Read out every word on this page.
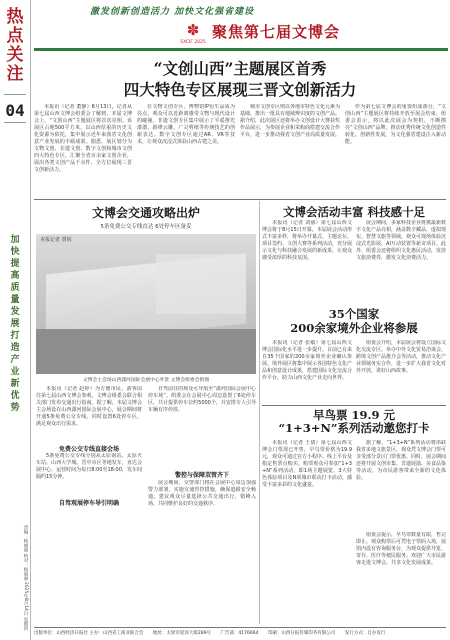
热
点
关
注
04
加
快
提
高
质
量
发
展
打
造
产
业
新
优
势
责编：杨丽丽 校对：杨丽丽 2025年8月14日 星期四
激发创新创造活力 加快文化强省建设
✽
SXCIF 2025
聚焦第七届文博会
“文创山西”主题展区首秀
四大特色专区展现三晋文创新活力

本报讯（记者 董静）8月13日，记者从第七届山西文博会组委会了解到，本届文博会上，“文创山西”主题展区将首次亮相。该展区占地500平方米，以山西厚重的历史文化资源为依托，集中展示近年来我省文化创意产业发展的丰硕成果。据悉，展区划分为文物文创、非遗文创、数字文创和城市文创四大特色专区，汇聚全省百余家文创企业，展出各类文创产品千余件，全方位展现三晋文创新活力。

在文物文创专区，博物馆IP衍生品成为亮点，观众可以近距离感受文物与现代设计的碰撞。非遗文创专区集中展示了平遥推光漆器、新绛云雕、广灵剪纸等传统技艺的创新表达。数字文创专区通过AR、VR等技术，让观众沉浸式体验山西古建之美。

城市文创专区则以各地市特色文化元素为基础，推出一批具有地域辨识度的文创产品。据介绍，此次展区还将举办文创设计大赛获奖作品展示，为参展企业和采购商搭建交流合作平台，进一步推动我省文创产业高质量发展。

作为第七届文博会的重要组成部分，“文创山西”主题展区将持续开放至展会结束。组委会表示，将以此次展会为契机，不断擦亮“文创山西”品牌，推动优秀传统文化创造性转化、创新性发展，为文化强省建设注入新动能。

文博会交通攻略出炉
5条免费公交专线直达 6处停车区备妥
本报记者 贾钊
文博会主会场山西潇河国际会展中心外景 文博会组委会供图

本报讯（记者 赵婷）为方便市民、游客前往第七届山西文博会参观，文博会组委会联合相关部门发布交通出行指南。据了解，本届文博会主会场设在山西潇河国际会展中心，展会期间将开通5条免费公交专线，同时设置6处停车区，满足观众出行需求。

免费公交专线直接会场

5条免费公交专线分别从太原南站、太原火车站、山西大学城、晋中市区等地发车，直达会展中心，运营时间为每日8:00至18:00，发车间隔约15分钟。

自驾观展停车导引明确

自驾前往的观众可导航至“潇河国际会展中心停车场”。组委会在会展中心周边设置了6处停车区，共计提供停车位约5000个，并安排专人引导车辆有序停放。

警控与保障双管齐下

展会期间，交警部门将在会展中心周边加强警力部署，实施交通管控措施，确保道路安全畅通。建议观众尽量选择公共交通出行，错峰入场，共同维护良好的交通秩序。

文博会活动丰富 科技感十足

本报讯（记者 刘丽）第七届山西文博会将于8月15日开幕。本届展会活动形式丰富多样，将举办开幕式、主题论坛、项目签约、文创大赛等系列活动，充分展示文化与科技融合发展的新成果，让观众感受浓厚的科技氛围。

展会期间，多家科技企业将携最新数字文化产品亮相，涵盖数字藏品、虚拟现实、智慧文旅等领域。观众可现场体验沉浸式光影展、AI互动装置等新奇项目。此外，组委会还将组织文化惠民活动，发放文旅消费券，激发文化消费活力。

35个国家
200余家境外企业将参展

本报讯（记者 张敏）第七届山西文博会国际化水平进一步提升，目前已有来自35个国家的200余家境外企业确认参展。境外展区将集中展示各国特色文化产品和创意设计成果，搭建国际文化交流合作平台，助力山西文化产业走向世界。

组委会介绍，本届展会将设立国际文化交流专区，举办中外文化贸易洽谈会、跨境文创产品推介会等活动，推动文化产业领域务实合作，进一步扩大我省文化对外开放，讲好山西故事。

早鸟票 19.9 元
“1+3+N”系列活动邀您打卡

本报讯（记者 王倩）第七届山西文博会门票现已开售，早鸟票价格为19.9元，观众可通过官方小程序、线上平台及指定售票点购买。购票观众可参加“1+3+N”系列活动，即1场主题展览、3大特色体验项目及N项城市联动打卡活动，感受丰富多彩的文化盛宴。

据了解，“1+3+N”系列活动将串联我省多地文旅景区，观众凭文博会门票可享受部分景区门票优惠。同时，展会期间还将开展文创市集、非遗展演、美食品鉴等活动，为市民游客带来全新的文化体验。

组委会提示，早鸟票数量有限，售完即止。观众购票后可凭电子票码入场，展馆内设有咨询服务台，为观众提供导览、寄存、医疗等便民服务。欢迎广大市民游客走进文博会，共享文化发展成果。

出版单位：山西经济日报社 主办：山西省工商业联合会 地址：太原市迎泽大街289号 广告部：4176664 印刷：山西日报传媒印务有限公司 发行方式：自办发行
